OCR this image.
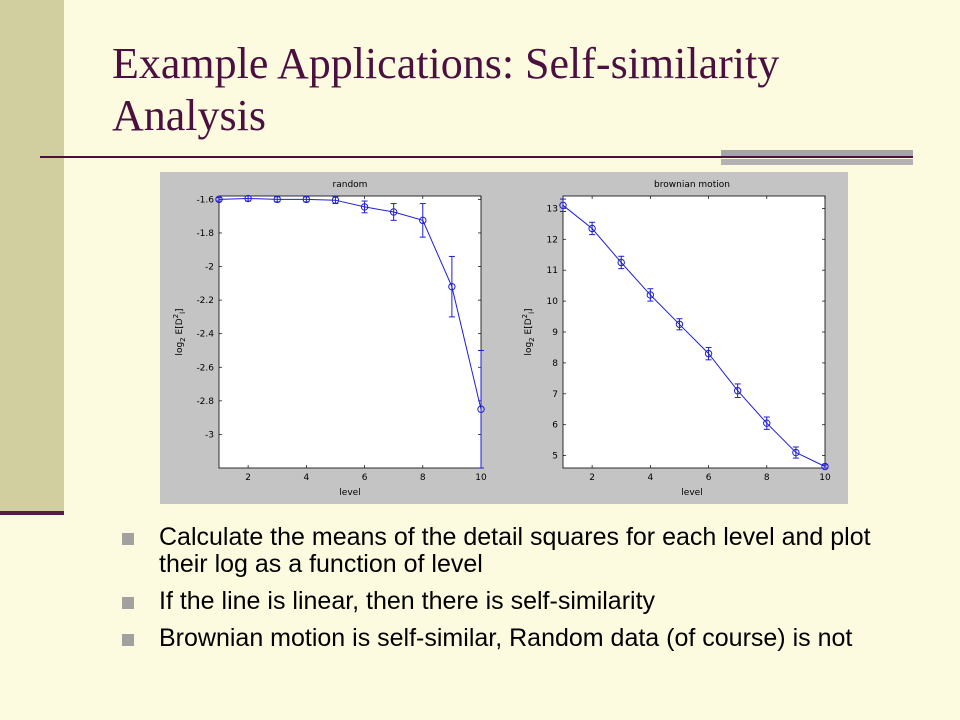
Example Applications: Self-similarity Analysis
random
2	4	6	8	10
-1.6
-1.8
-2
-2.2
-2.4
-2.6
-2.8
-3
level
$\log_2 E[D^2_l]$
brownian motion
2	4	6	8	10
5
6
7
8
9
10
11
12
13
level
$\log_2 E[D^2_l]$
Calculate the means of the detail squares for each level and plot their log as a function of level
If the line is linear, then there is self-similarity
Brownian motion is self-similar, Random data (of course) is not
